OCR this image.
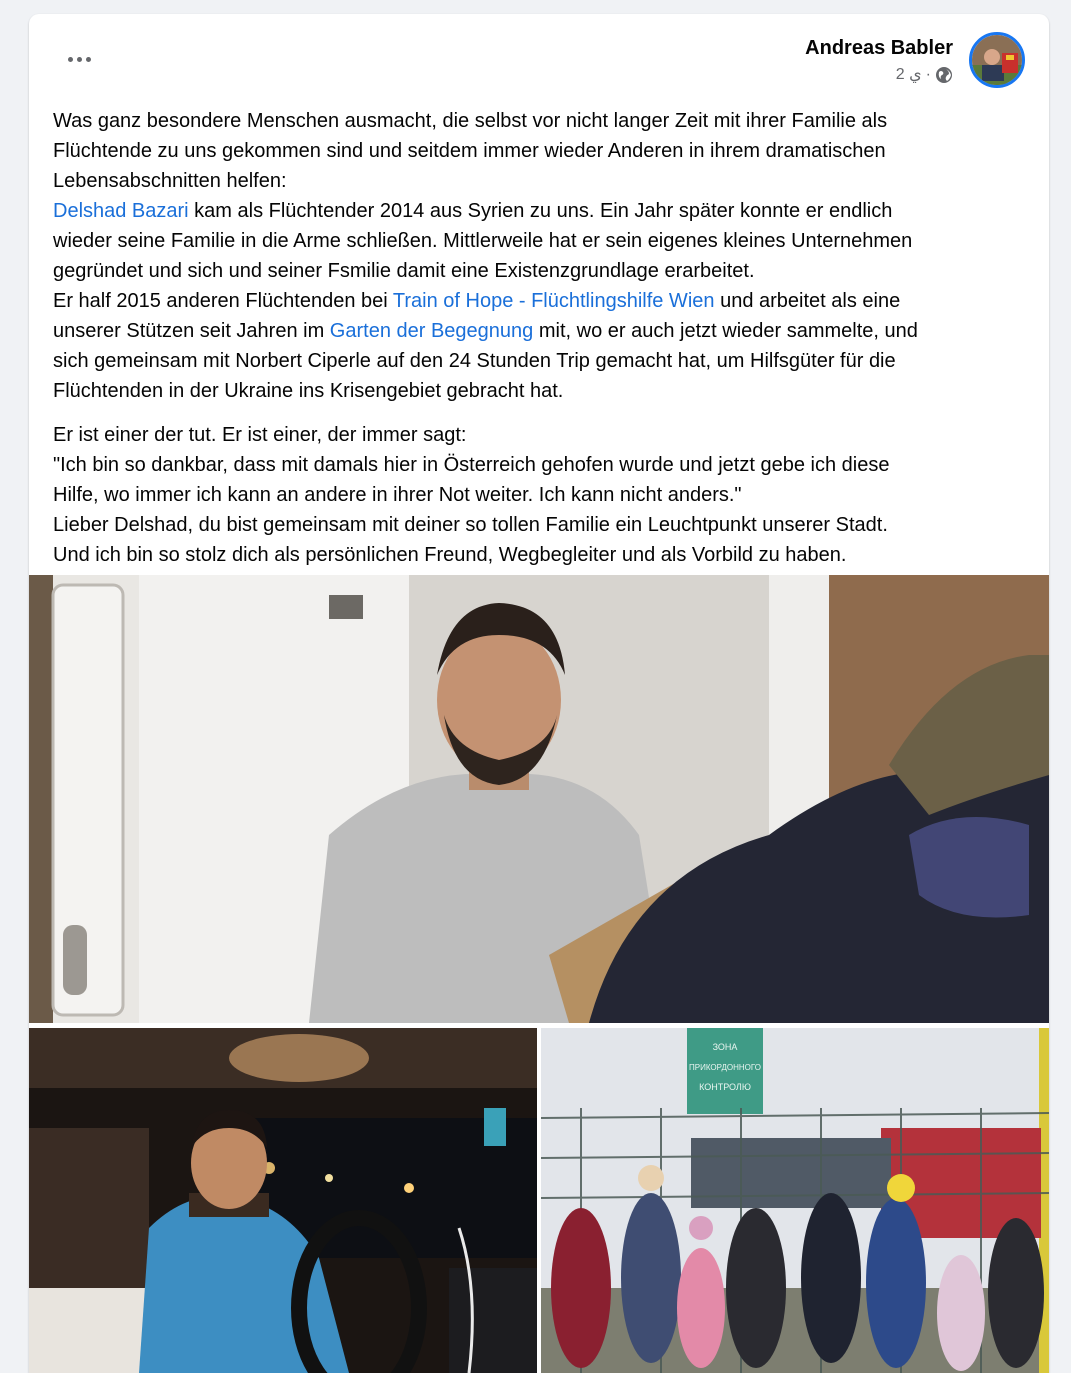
Andreas Babler
2 ي ·

Was ganz besondere Menschen ausmacht, die selbst vor nicht langer Zeit mit ihrer Familie als
Flüchtende zu uns gekommen sind und seitdem immer wieder Anderen in ihrem dramatischen
Lebensabschnitten helfen:

Delshad Bazari kam als Flüchtender 2014 aus Syrien zu uns. Ein Jahr später konnte er endlich
wieder seine Familie in die Arme schließen. Mittlerweile hat er sein eigenes kleines Unternehmen
gegründet und sich und seiner Fsmilie damit eine Existenzgrundlage erarbeitet.

Er half 2015 anderen Flüchtenden bei Train of Hope - Flüchtlingshilfe Wien und arbeitet als eine
unserer Stützen seit Jahren im Garten der Begegnung mit, wo er auch jetzt wieder sammelte, und
sich gemeinsam mit Norbert Ciperle auf den 24 Stunden Trip gemacht hat, um Hilfsgüter für die
Flüchtenden in der Ukraine ins Krisengebiet gebracht hat.

Er ist einer der tut. Er ist einer, der immer sagt:
"Ich bin so dankbar, dass mit damals hier in Österreich gehofen wurde und jetzt gebe ich diese
Hilfe, wo immer ich kann an andere in ihrer Not weiter. Ich kann nicht anders."
Lieber Delshad, du bist gemeinsam mit deiner so tollen Familie ein Leuchtpunkt unserer Stadt.
Und ich bin so stolz dich als persönlichen Freund, Wegbegleiter und als Vorbild zu haben.

ЗОНА
ПРИКОРДОННОГО
КОНТРОЛЮ
